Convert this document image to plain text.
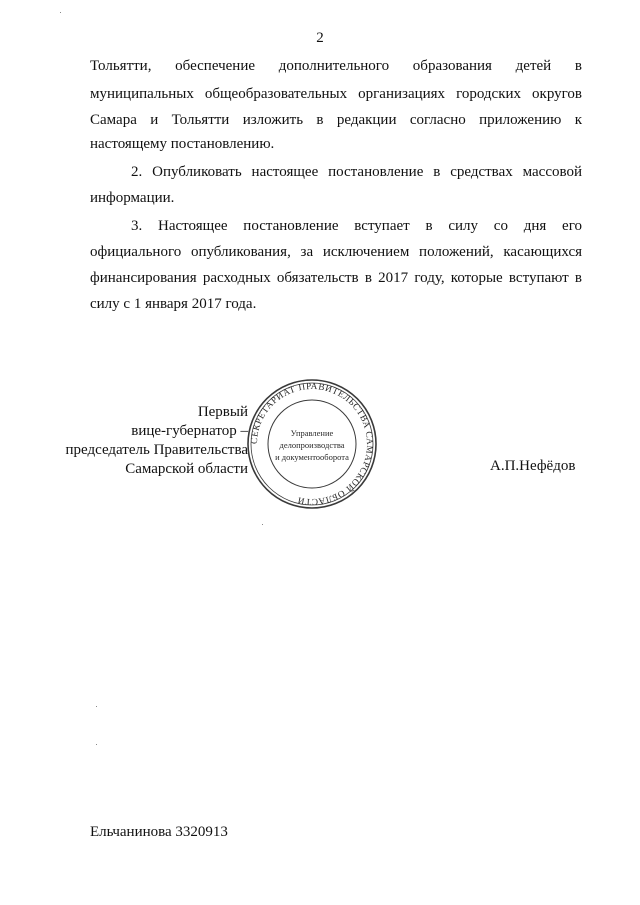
2
Тольятти, обеспечение дополнительного образования детей в
муниципальных общеобразовательных организациях городских округов
Самара и Тольятти изложить в редакции согласно приложению к
настоящему постановлению.
2. Опубликовать настоящее постановление в средствах массовой
информации.
3. Настоящее постановление вступает в силу со дня его
официального опубликования, за исключением положений, касающихся
финансирования расходных обязательств в 2017 году, которые вступают в
силу с 1 января 2017 года.
Первый
вице-губернатор –
председатель Правительства
Самарской области
СЕКРЕТАРИАТ ПРАВИТЕЛЬСТВА САМАРСКОЙ ОБЛАСТИ
Управление
делопроизводства
и документооборота
А.П.Нефёдов
Ельчанинова 3320913
